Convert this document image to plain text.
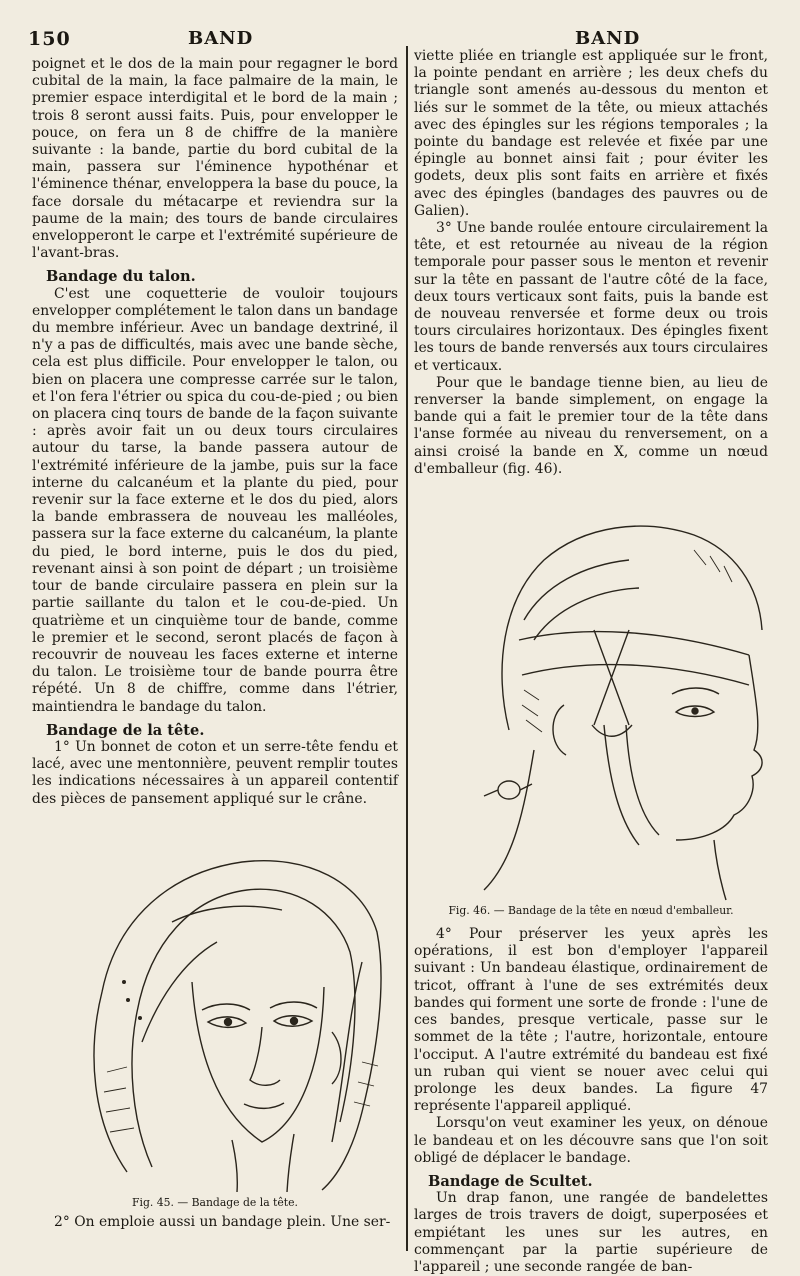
150	BAND	BAND

poignet et le dos de la main pour regagner le bord cubital de la main, la face palmaire de la main, le premier espace interdigital et le bord de la main ; trois 8 seront aussi faits. Puis, pour envelopper le pouce, on fera un 8 de chiffre de la manière suivante : la bande, partie du bord cubital de la main, passera sur l'éminence hypothénar et l'éminence thénar, enveloppera la base du pouce, la face dorsale du métacarpe et reviendra sur la paume de la main; des tours de bande circulaires envelopperont le carpe et l'extrémité supérieure de l'avant-bras.

Bandage du talon.

C'est une coquetterie de vouloir toujours envelopper complétement le talon dans un bandage du membre inférieur. Avec un bandage dextriné, il n'y a pas de difficultés, mais avec une bande sèche, cela est plus difficile. Pour envelopper le talon, ou bien on placera une compresse carrée sur le talon, et l'on fera l'étrier ou spica du cou-de-pied ; ou bien on placera cinq tours de bande de la façon suivante : après avoir fait un ou deux tours circulaires autour du tarse, la bande passera autour de l'extrémité inférieure de la jambe, puis sur la face interne du calcanéum et la plante du pied, pour revenir sur la face externe et le dos du pied, alors la bande embrassera de nouveau les malléoles, passera sur la face externe du calcanéum, la plante du pied, le bord interne, puis le dos du pied, revenant ainsi à son point de départ ; un troisième tour de bande circulaire passera en plein sur la partie saillante du talon et le cou-de-pied. Un quatrième et un cinquième tour de bande, comme le premier et le second, seront placés de façon à recouvrir de nouveau les faces externe et interne du talon. Le troisième tour de bande pourra être répété. Un 8 de chiffre, comme dans l'étrier, maintiendra le bandage du talon.

Bandage de la tête.

1° Un bonnet de coton et un serre-tête fendu et lacé, avec une mentonnière, peuvent remplir toutes les indications nécessaires à un appareil contentif des pièces de pansement appliqué sur le crâne.

Fig. 45. — Bandage de la tête.

2° On emploie aussi un bandage plein. Une ser-

viette pliée en triangle est appliquée sur le front, la pointe pendant en arrière ; les deux chefs du triangle sont amenés au-dessous du menton et liés sur le sommet de la tête, ou mieux attachés avec des épingles sur les régions temporales ; la pointe du bandage est relevée et fixée par une épingle au bonnet ainsi fait ; pour éviter les godets, deux plis sont faits en arrière et fixés avec des épingles (bandages des pauvres ou de Galien).

3° Une bande roulée entoure circulairement la tête, et est retournée au niveau de la région temporale pour passer sous le menton et revenir sur la tête en passant de l'autre côté de la face, deux tours verticaux sont faits, puis la bande est de nouveau renversée et forme deux ou trois tours circulaires horizontaux. Des épingles fixent les tours de bande renversés aux tours circulaires et verticaux.

Pour que le bandage tienne bien, au lieu de renverser la bande simplement, on engage la bande qui a fait le premier tour de la tête dans l'anse formée au niveau du renversement, on a ainsi croisé la bande en X, comme un nœud d'emballeur (fig. 46).

Fig. 46. — Bandage de la tête en nœud d'emballeur.

4° Pour préserver les yeux après les opérations, il est bon d'employer l'appareil suivant : Un bandeau élastique, ordinairement de tricot, offrant à l'une de ses extrémités deux bandes qui forment une sorte de fronde : l'une de ces bandes, presque verticale, passe sur le sommet de la tête ; l'autre, horizontale, entoure l'occiput. A l'autre extrémité du bandeau est fixé un ruban qui vient se nouer avec celui qui prolonge les deux bandes. La figure 47 représente l'appareil appliqué.

Lorsqu'on veut examiner les yeux, on dénoue le bandeau et on les découvre sans que l'on soit obligé de déplacer le bandage.

Bandage de Scultet.

Un drap fanon, une rangée de bandelettes larges de trois travers de doigt, superposées et empiétant les unes sur les autres, en commençant par la partie supérieure de l'appareil ; une seconde rangée de ban-
